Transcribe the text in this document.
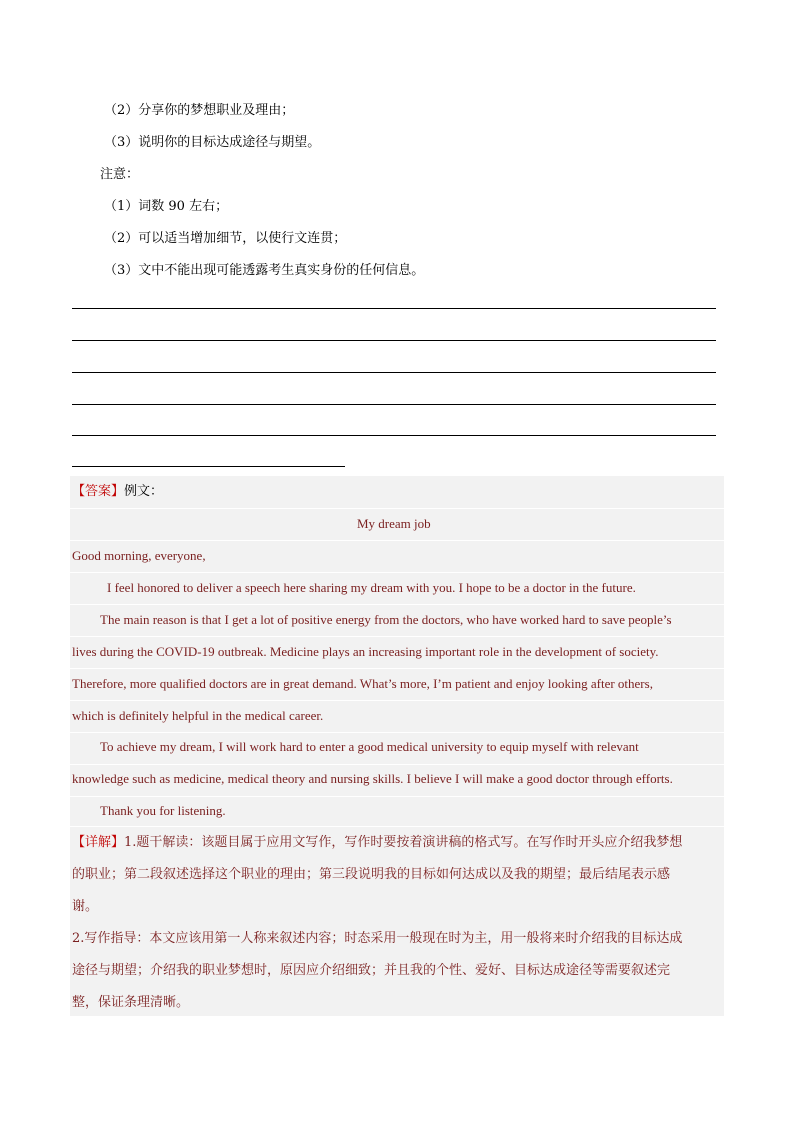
（2）分享你的梦想职业及理由；
（3）说明你的目标达成途径与期望。
注意：
（1）词数 90 左右；
（2）可以适当增加细节，以使行文连贯；
（3）文中不能出现可能透露考生真实身份的任何信息。
【答案】例文：
My dream job
Good morning, everyone,
I feel honored to deliver a speech here sharing my dream with you. I hope to be a doctor in the future.
The main reason is that I get a lot of positive energy from the doctors, who have worked hard to save people’s
lives during the COVID-19 outbreak. Medicine plays an increasing important role in the development of society.
Therefore, more qualified doctors are in great demand. What’s more, I’m patient and enjoy looking after others,
which is definitely helpful in the medical career.
To achieve my dream, I will work hard to enter a good medical university to equip myself with relevant
knowledge such as medicine, medical theory and nursing skills. I believe I will make a good doctor through efforts.
Thank you for listening.
【详解】1.题干解读：该题目属于应用文写作，写作时要按着演讲稿的格式写。在写作时开头应介绍我梦想
的职业；第二段叙述选择这个职业的理由；第三段说明我的目标如何达成以及我的期望；最后结尾表示感
谢。
2.写作指导：本文应该用第一人称来叙述内容；时态采用一般现在时为主，用一般将来时介绍我的目标达成
途径与期望；介绍我的职业梦想时，原因应介绍细致；并且我的个性、爱好、目标达成途径等需要叙述完
整，保证条理清晰。
